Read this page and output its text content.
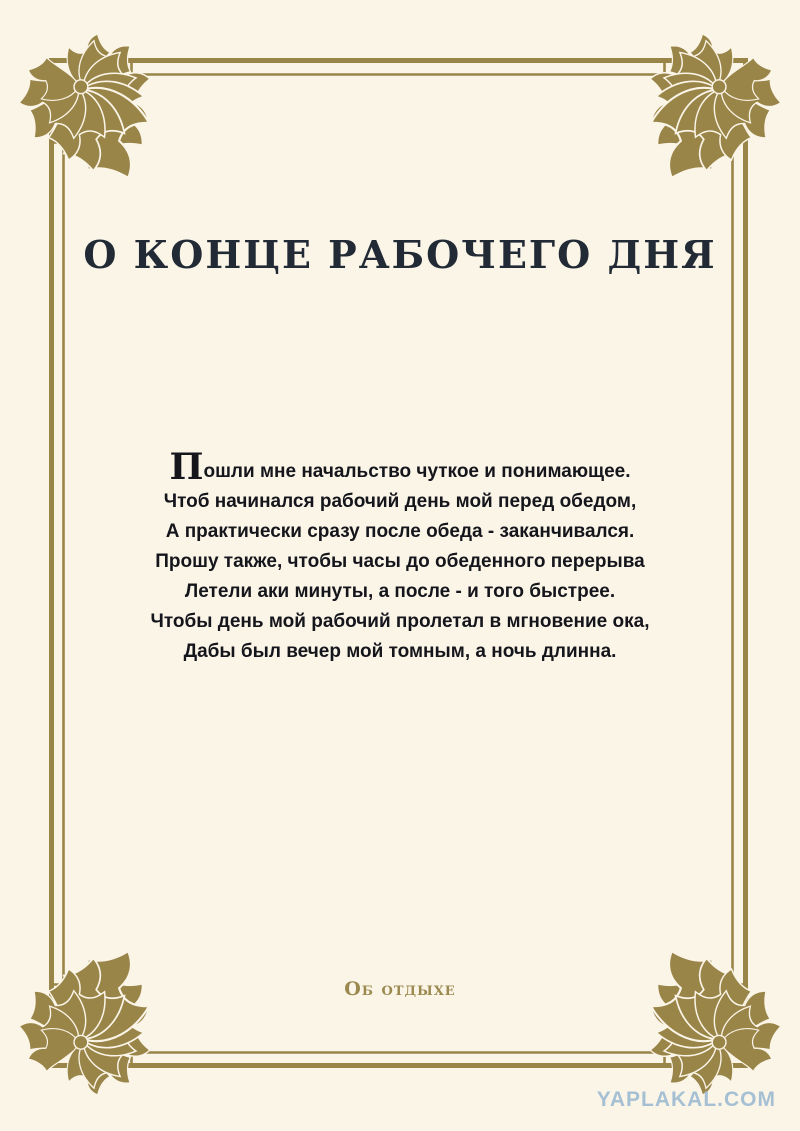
О КОНЦЕ РАБОЧЕГО ДНЯ
Пошли мне начальство чуткое и понимающее.
Чтоб начинался рабочий день мой перед обедом,
А практически сразу после обеда - заканчивался.
Прошу также, чтобы часы до обеденного перерыва
Летели аки минуты, а после - и того быстрее.
Чтобы день мой рабочий пролетал в мгновение ока,
Дабы был вечер мой томным, а ночь длинна.
Об отдыхе
YAPLAKAL.COM
